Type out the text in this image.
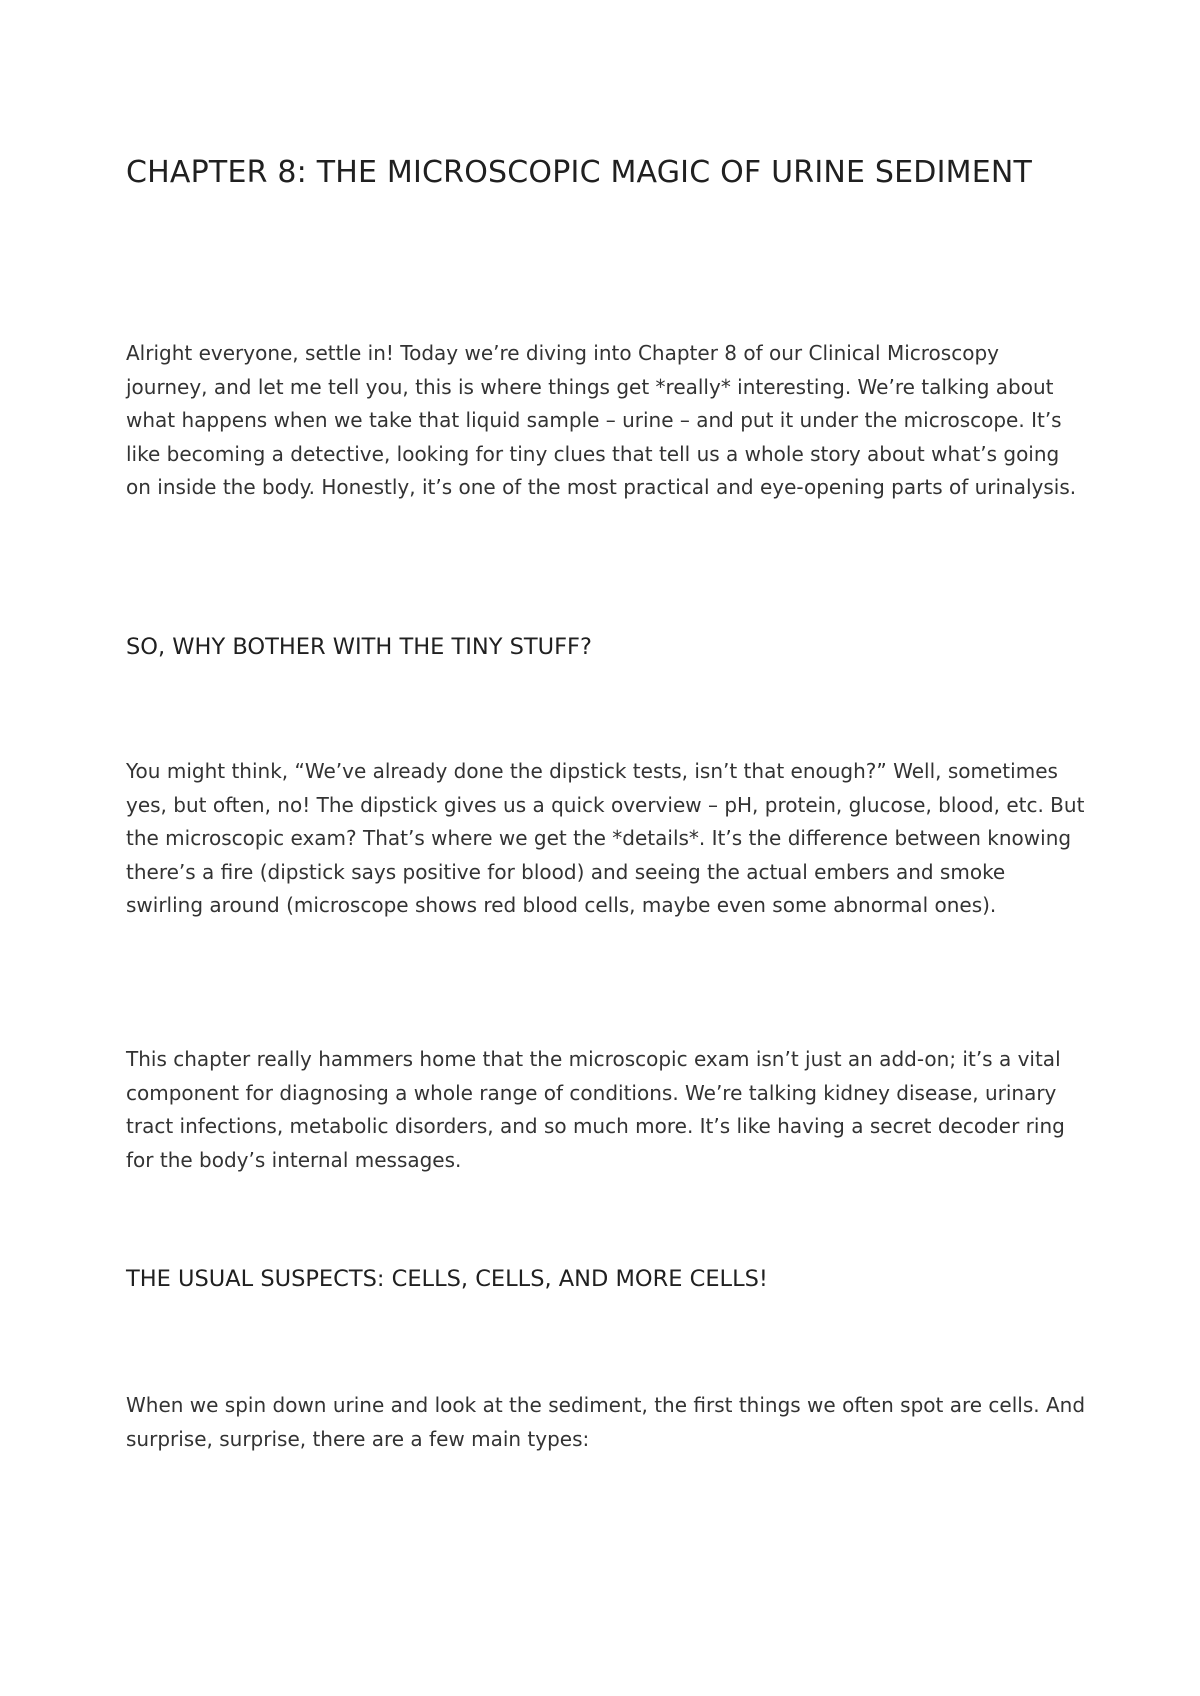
CHAPTER 8: THE MICROSCOPIC MAGIC OF URINE SEDIMENT

Alright everyone, settle in! Today we’re diving into Chapter 8 of our Clinical Microscopy journey, and let me tell you, this is where things get *really* interesting. We’re talking about what happens when we take that liquid sample – urine – and put it under the microscope. It’s like becoming a detective, looking for tiny clues that tell us a whole story about what’s going on inside the body. Honestly, it’s one of the most practical and eye-opening parts of urinalysis.

SO, WHY BOTHER WITH THE TINY STUFF?

You might think, “We’ve already done the dipstick tests, isn’t that enough?” Well, sometimes yes, but often, no! The dipstick gives us a quick overview – pH, protein, glucose, blood, etc. But the microscopic exam? That’s where we get the *details*. It’s the difference between knowing there’s a fire (dipstick says positive for blood) and seeing the actual embers and smoke swirling around (microscope shows red blood cells, maybe even some abnormal ones).

This chapter really hammers home that the microscopic exam isn’t just an add-on; it’s a vital component for diagnosing a whole range of conditions. We’re talking kidney disease, urinary tract infections, metabolic disorders, and so much more. It’s like having a secret decoder ring for the body’s internal messages.

THE USUAL SUSPECTS: CELLS, CELLS, AND MORE CELLS!

When we spin down urine and look at the sediment, the first things we often spot are cells. And surprise, surprise, there are a few main types:
